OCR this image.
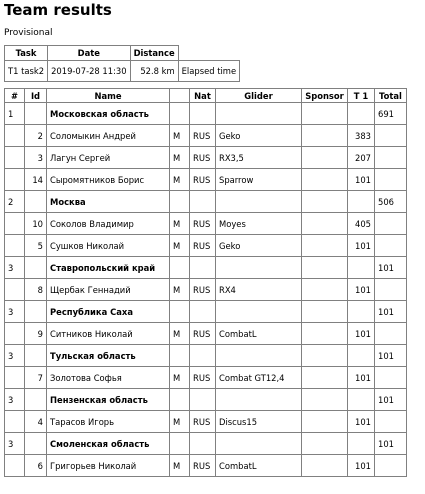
Team results
Provisional
Task	Date	Distance	
T1 task2	2019-07-28 11:30	52.8 km	Elapsed time
#	Id	Name		Nat	Glider	Sponsor	T 1	Total
1		Московская область						691
	2	Соломыкин Андрей	M	RUS	Geko		383	
	3	Лагун Сергей	M	RUS	RX3,5		207	
	14	Сыромятников Борис	M	RUS	Sparrow		101	
2		Москва						506
	10	Соколов Владимир	M	RUS	Moyes		405	
	5	Сушков Николай	M	RUS	Geko		101	
3		Ставропольский край						101
	8	Щербак Геннадий	M	RUS	RX4		101	
3		Республика Саха						101
	9	Ситников Николай	M	RUS	CombatL		101	
3		Тульская область						101
	7	Золотова Софья	M	RUS	Combat GT12,4		101	
3		Пензенская область						101
	4	Тарасов Игорь	M	RUS	Discus15		101	
3		Смоленская область						101
	6	Григорьев Николай	M	RUS	CombatL		101	
